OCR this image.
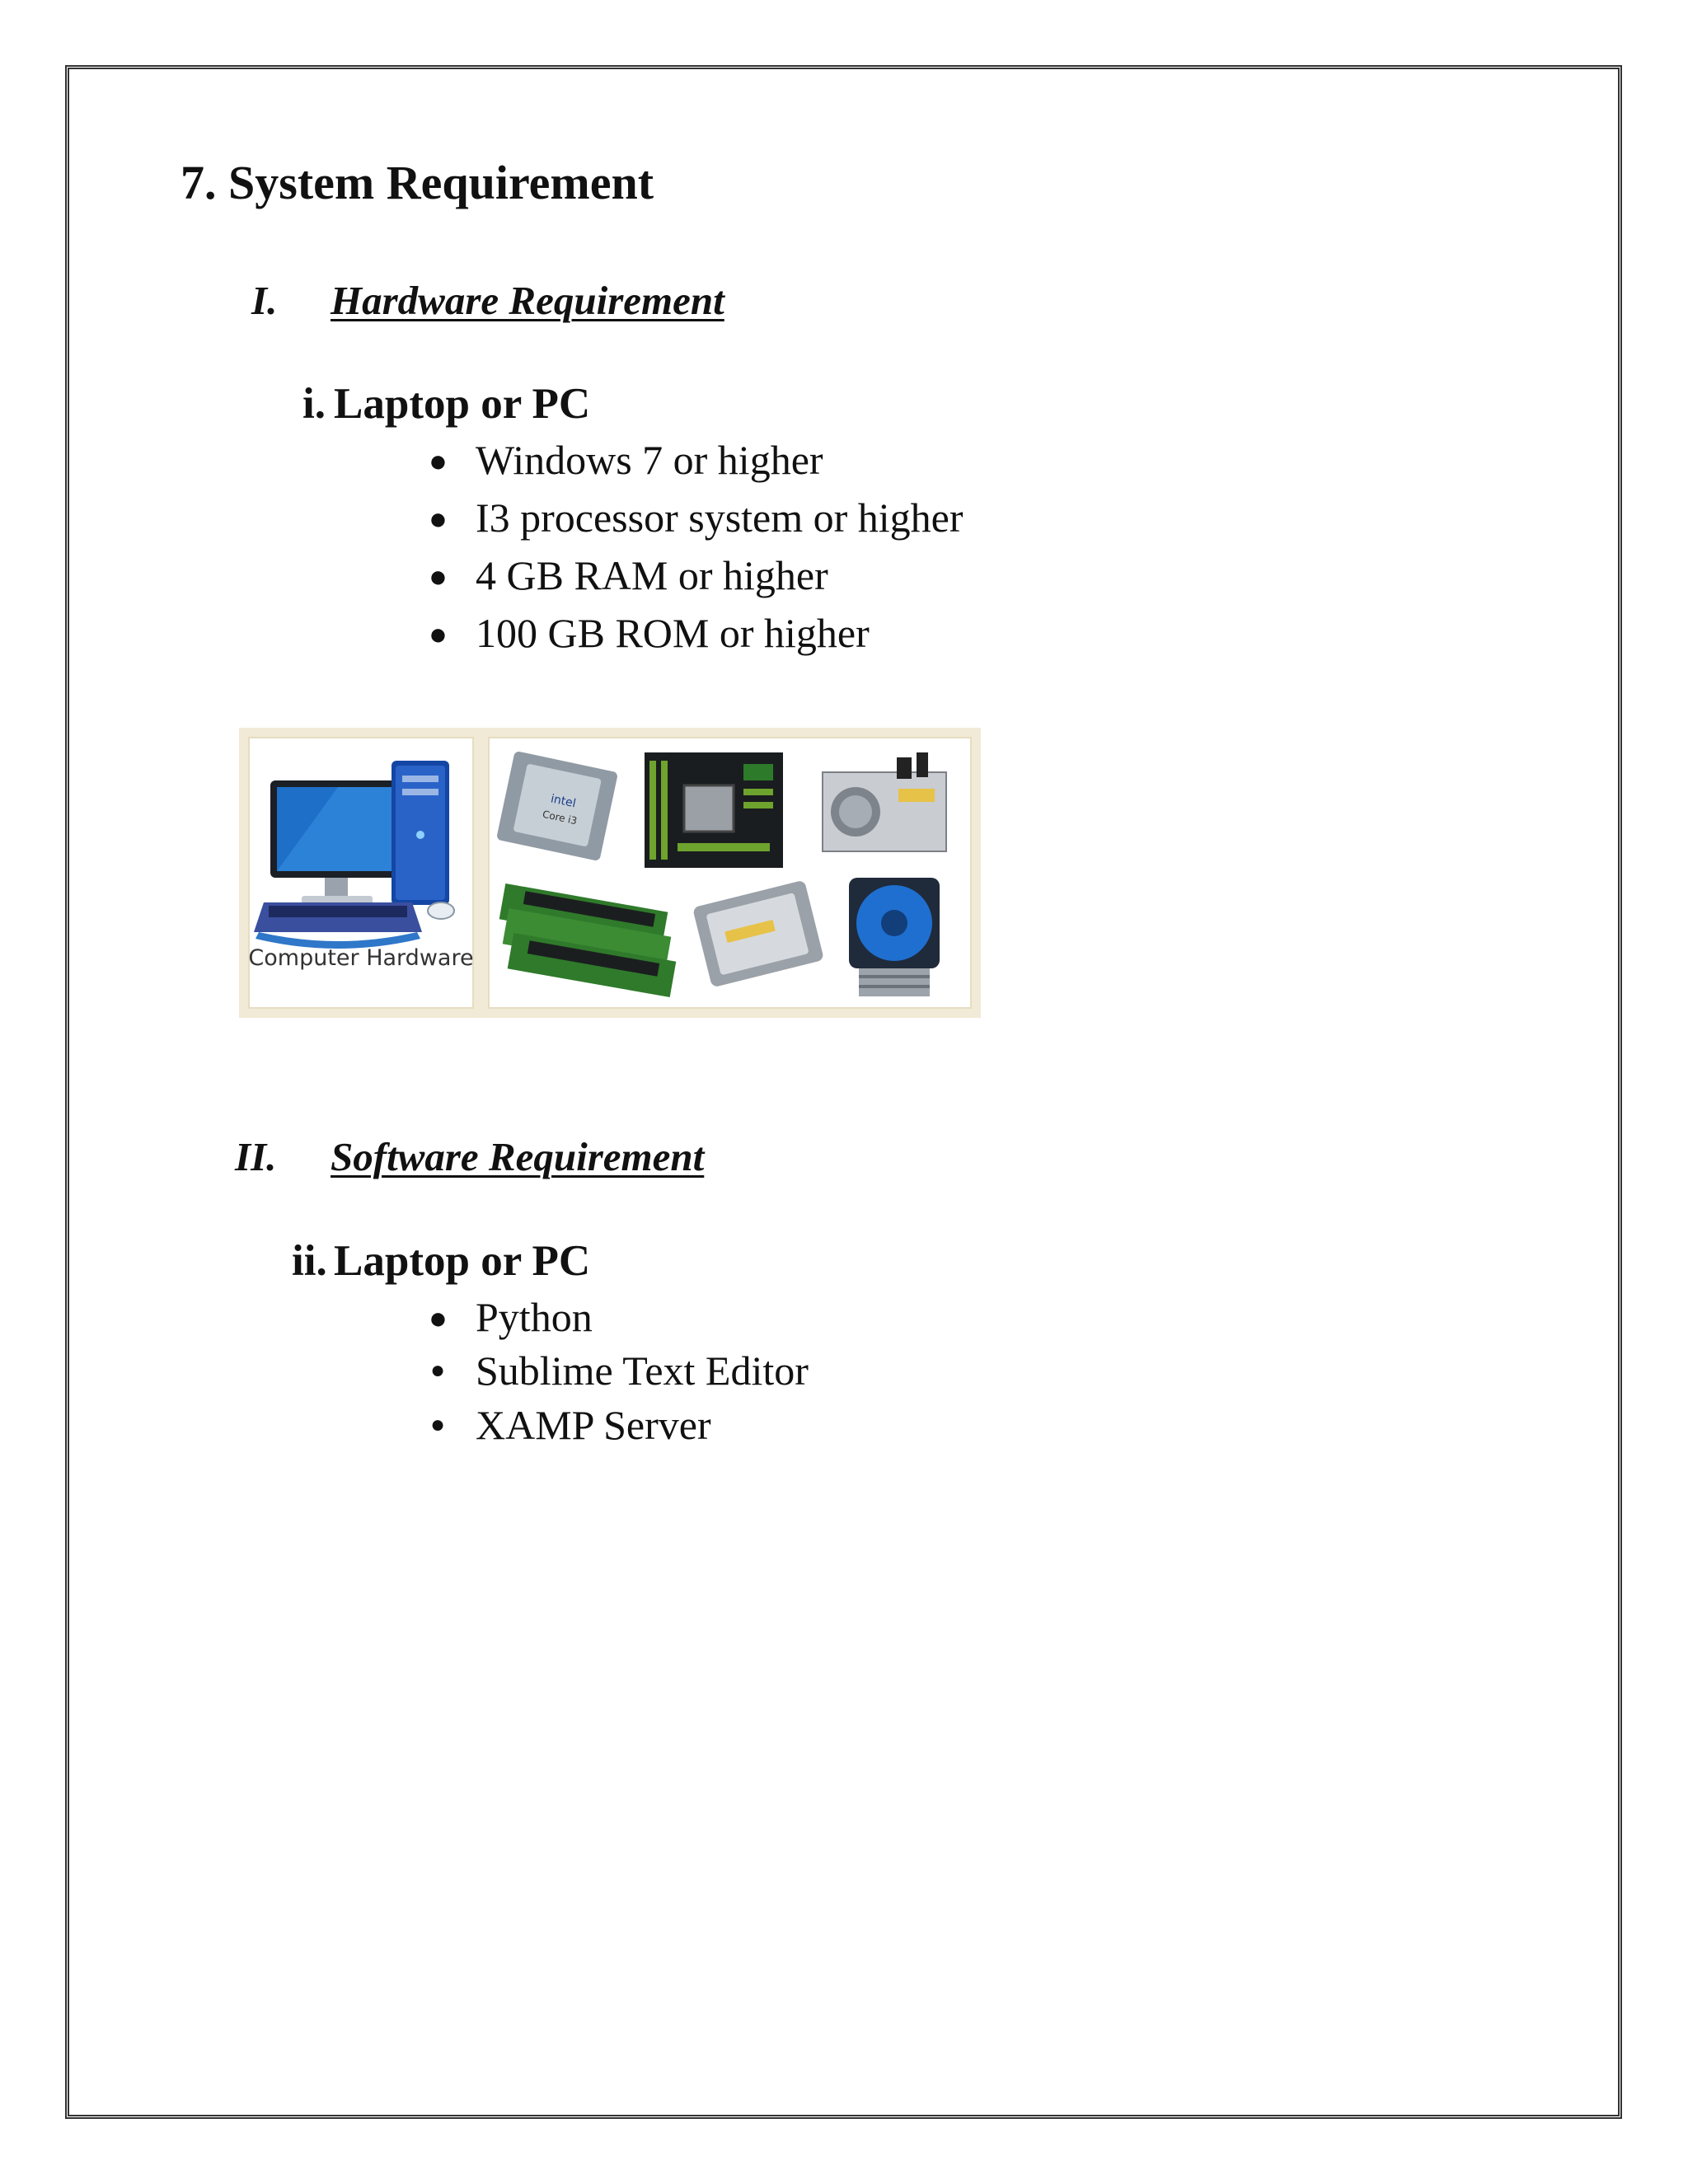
7. System Requirement
I. Hardware Requirement
i. Laptop or PC
● Windows 7 or higher
● I3 processor system or higher
● 4 GB RAM or higher
● 100 GB ROM or higher
Computer Hardware
intel
Core i3
II. Software Requirement
ii. Laptop or PC
● Python
● Sublime Text Editor
● XAMP Server
